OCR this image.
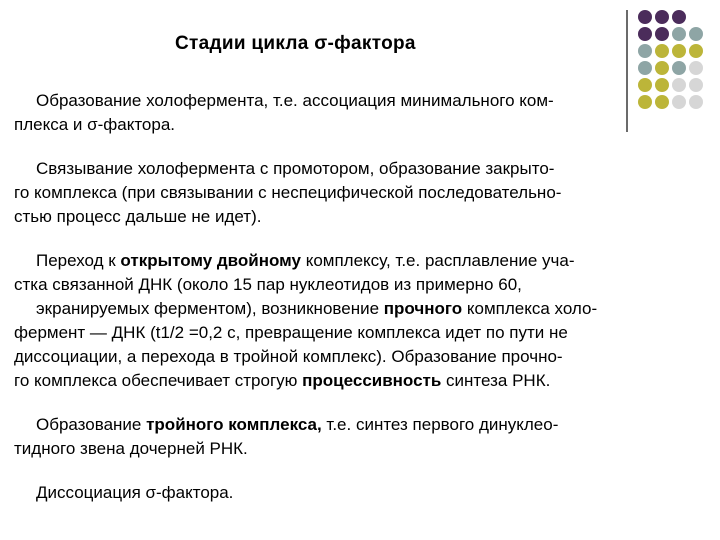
Стадии цикла σ-фактора
Образование холофермента, т.е. ассоциация минимального ком-
плекса и σ-фактора.
Связывание холофермента с промотором, образование закрыто-
го комплекса (при связывании с неспецифической последовательно-
стью процесс дальше не идет).
Переход к открытому двойному комплексу, т.е. расплавление уча-
стка связанной ДНК (около 15 пар нуклеотидов из примерно 60,
экранируемых ферментом), возникновение прочного комплекса холо-
фермент — ДНК (t1/2 =0,2 с, превращение комплекса идет по пути не
диссоциации, а перехода в тройной комплекс). Образование прочно-
го комплекса обеспечивает строгую процессивность синтеза РНК.
Образование тройного комплекса, т.е. синтез первого динуклео-
тидного звена дочерней РНК.
Диссоциация σ-фактора.
